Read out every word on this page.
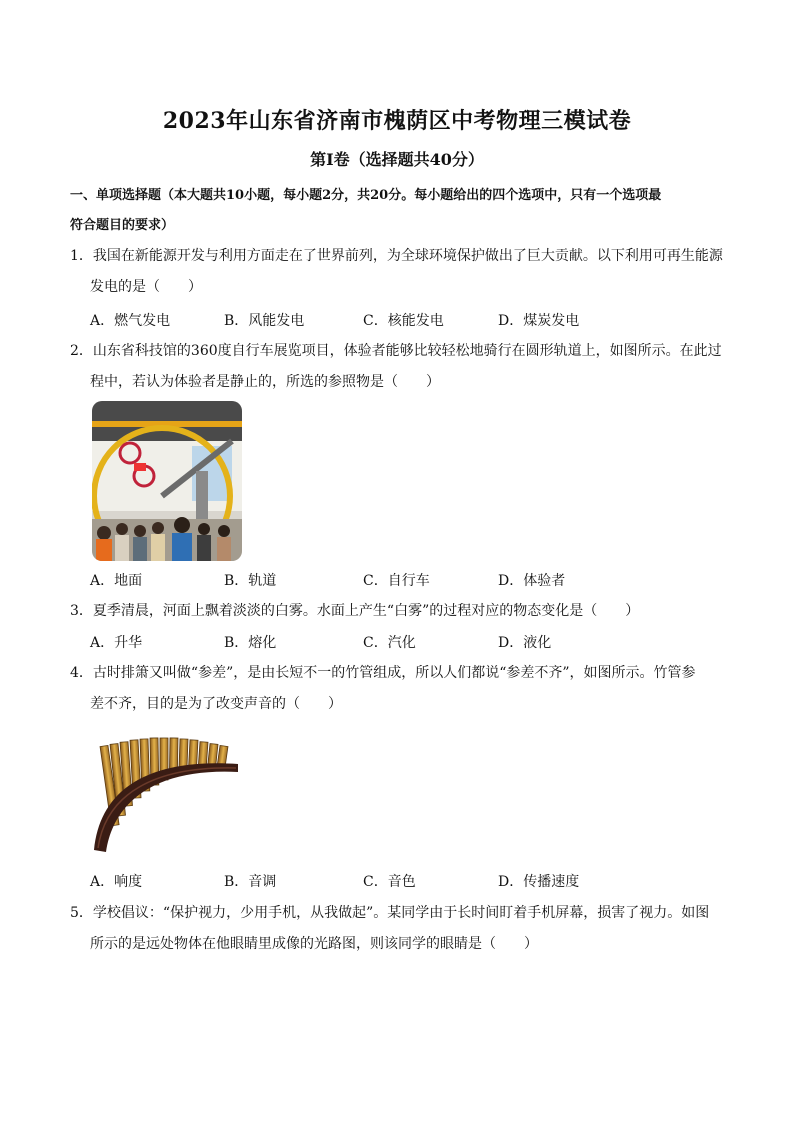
2023年山东省济南市槐荫区中考物理三模试卷
第Ⅰ卷（选择题共40分）
一、单项选择题（本大题共10小题，每小题2分，共20分。每小题给出的四个选项中，只有一个选项最
符合题目的要求）
1．我国在新能源开发与利用方面走在了世界前列，为全球环境保护做出了巨大贡献。以下利用可再生能源
发电的是（　　）
A．燃气发电	B．风能发电	C．核能发电	D．煤炭发电
2．山东省科技馆的360度自行车展览项目，体验者能够比较轻松地骑行在圆形轨道上，如图所示。在此过
程中，若认为体验者是静止的，所选的参照物是（　　）
A．地面	B．轨道	C．自行车	D．体验者
3．夏季清晨，河面上飘着淡淡的白雾。水面上产生“白雾”的过程对应的物态变化是（　　）
A．升华	B．熔化	C．汽化	D．液化
4．古时排箫又叫做“参差”，是由长短不一的竹管组成，所以人们都说“参差不齐”，如图所示。竹管参
差不齐，目的是为了改变声音的（　　）
A．响度	B．音调	C．音色	D．传播速度
5．学校倡议：“保护视力，少用手机，从我做起”。某同学由于长时间盯着手机屏幕，损害了视力。如图
所示的是远处物体在他眼睛里成像的光路图，则该同学的眼睛是（　　）
